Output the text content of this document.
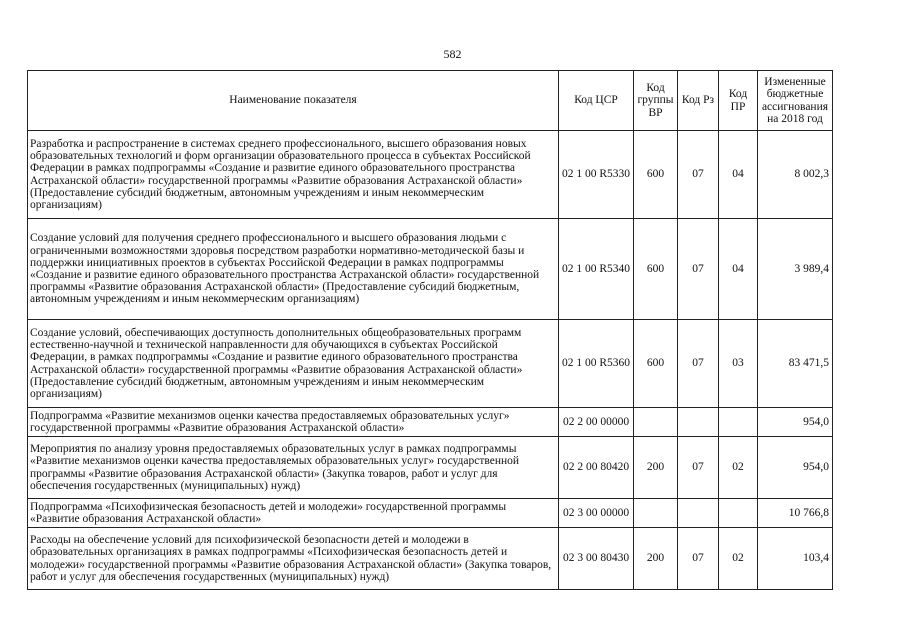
582
Наименование показателя	Код ЦСР	Код группы ВР	Код Рз	Код ПР	Измененные бюджетные ассигнования на 2018 год
Разработка и распространение в системах среднего профессионального, высшего образования новых образовательных технологий и форм организации образовательного процесса в субъектах Российской Федерации в рамках подпрограммы «Создание и развитие единого образовательного пространства Астраханской области» государственной программы «Развитие образования Астраханской области» (Предоставление субсидий бюджетным, автономным учреждениям и иным некоммерческим организациям)	02 1 00 R5330	600	07	04	8 002,3
Создание условий для получения среднего профессионального и высшего образования людьми с ограниченными возможностями здоровья посредством разработки нормативно-методической базы и поддержки инициативных проектов в субъектах Российской Федерации в рамках подпрограммы «Создание и развитие единого образовательного пространства Астраханской области» государственной программы «Развитие образования Астраханской области» (Предоставление субсидий бюджетным, автономным учреждениям и иным некоммерческим организациям)	02 1 00 R5340	600	07	04	3 989,4
Создание условий, обеспечивающих доступность дополнительных общеобразовательных программ естественно-научной и технической направленности для обучающихся в субъектах Российской Федерации, в рамках подпрограммы «Создание и развитие единого образовательного пространства Астраханской области» государственной программы «Развитие образования Астраханской области» (Предоставление субсидий бюджетным, автономным учреждениям и иным некоммерческим организациям)	02 1 00 R5360	600	07	03	83 471,5
Подпрограмма «Развитие механизмов оценки качества предоставляемых образовательных услуг» государственной программы «Развитие образования Астраханской области»	02 2 00 00000				954,0
Мероприятия по анализу уровня предоставляемых образовательных услуг в рамках подпрограммы «Развитие механизмов оценки качества предоставляемых образовательных услуг» государственной программы «Развитие образования Астраханской области» (Закупка товаров, работ и услуг для обеспечения государственных (муниципальных) нужд)	02 2 00 80420	200	07	02	954,0
Подпрограмма «Психофизическая безопасность детей и молодежи» государственной программы «Развитие образования Астраханской области»	02 3 00 00000				10 766,8
Расходы на обеспечение условий для психофизической безопасности детей и молодежи в образовательных организациях в рамках подпрограммы «Психофизическая безопасность детей и молодежи» государственной программы «Развитие образования Астраханской области» (Закупка товаров, работ и услуг для обеспечения государственных (муниципальных) нужд)	02 3 00 80430	200	07	02	103,4
